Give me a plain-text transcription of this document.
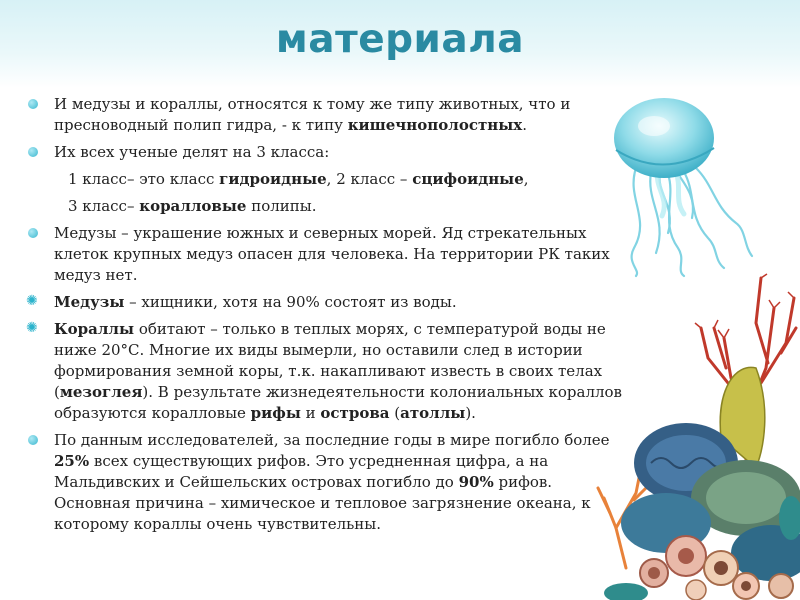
материала
И медузы и кораллы, относятся к тому же типу животных, что и пресноводный полип гидра, - к типу кишечнополостных.
Их всех ученые делят на 3 класса:
1 класс– это класс гидроидные, 2 класс – сцифоидные,
3 класс– коралловые полипы.
Медузы – украшение южных и северных морей. Яд стрекательных клеток крупных медуз опасен для человека. На территории РК таких медуз нет.
✺ Медузы – хищники, хотя на 90% состоят из воды.
✺ Кораллы обитают – только в теплых морях, с температурой воды не ниже 20°С. Многие их виды вымерли, но оставили след в истории формирования земной коры, т.к. накапливают известь в своих телах (мезоглея). В результате жизнедеятельности колониальных кораллов образуются коралловые рифы и острова (атоллы).
По данным исследователей, за последние годы в мире погибло более 25% всех существующих рифов. Это усредненная цифра, а на Мальдивских и Сейшельских островах погибло до 90% рифов. Основная причина – химическое и тепловое загрязнение океана, к которому кораллы очень чувствительны.
